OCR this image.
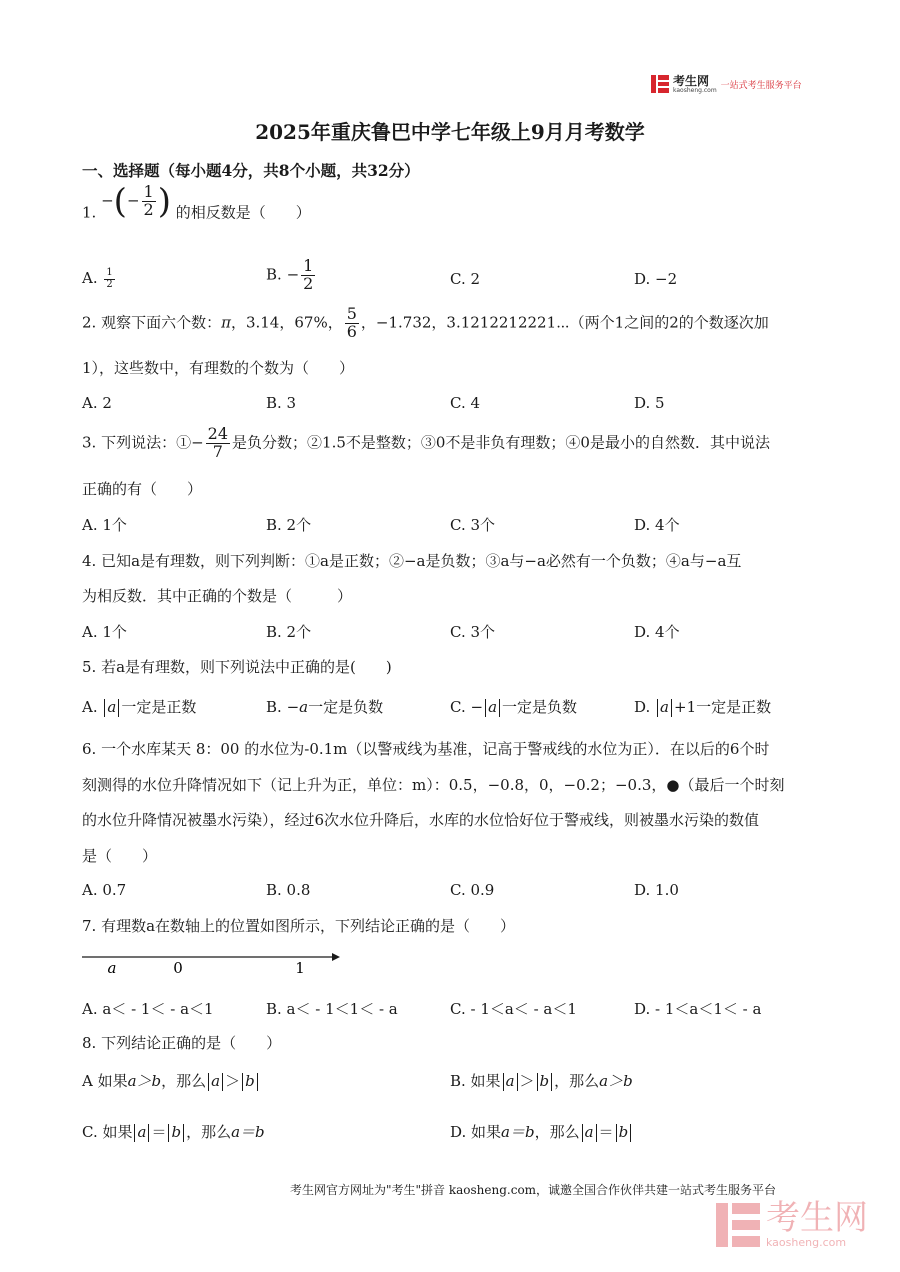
考生网
kaosheng.com 一站式考生服务平台
2025年重庆鲁巴中学七年级上9月月考数学
一、选择题（每小题4分，共8个小题，共32分）
1. −(− $\frac{1}{2}$ ) 的相反数是（　　）
A. $\frac{1}{2}$	B. − $\frac{1}{2}$	C. 2	D. −2
2. 观察下面六个数：π，3.14，67%， $\frac{5}{6}$ ，−1.732，3.1212212221⋯（两个1之间的2的个数逐次加
1），这些数中，有理数的个数为（　　）
A. 2	B. 3	C. 4	D. 5
3. 下列说法：①− $\frac{24}{7}$ 是负分数；②1.5不是整数；③0不是非负有理数；④0是最小的自然数．其中说法
正确的有（　　）
A. 1个	B. 2个	C. 3个	D. 4个
4. 已知a是有理数，则下列判断：①a是正数；②−a是负数；③a与−a必然有一个负数；④a与−a互
为相反数．其中正确的个数是（　　　）
A. 1个	B. 2个	C. 3个	D. 4个
5. 若a是有理数，则下列说法中正确的是(　　)
A. a 一定是正数	B. −a一定是负数	C. − a 一定是负数	D. a +1一定是正数
6. 一个水库某天 8：00 的水位为-0.1m（以警戒线为基准，记高于警戒线的水位为正）．在以后的6个时
刻测得的水位升降情况如下（记上升为正，单位：m）：0.5，−0.8，0，−0.2；−0.3，●（最后一个时刻
的水位升降情况被墨水污染），经过6次水位升降后，水库的水位恰好位于警戒线，则被墨水污染的数值
是（　　）
A. 0.7	B. 0.8	C. 0.9	D. 1.0
7. 有理数a在数轴上的位置如图所示，下列结论正确的是（　　）
a	0	1
A. a＜ - 1＜ - a＜1	B. a＜ - 1＜1＜ - a	C. - 1＜a＜ - a＜1	D. - 1＜a＜1＜ - a
8. 下列结论正确的是（　　）
A 如果a＞b，那么 a ＞ b	B. 如果 a ＞ b ，那么a＞b
C. 如果 a ＝ b ，那么a＝b	D. 如果a＝b，那么 a ＝ b
考生网官方网址为"考生"拼音 kaosheng.com，诚邀全国合作伙伴共建一站式考生服务平台
考生网
kaosheng.com
